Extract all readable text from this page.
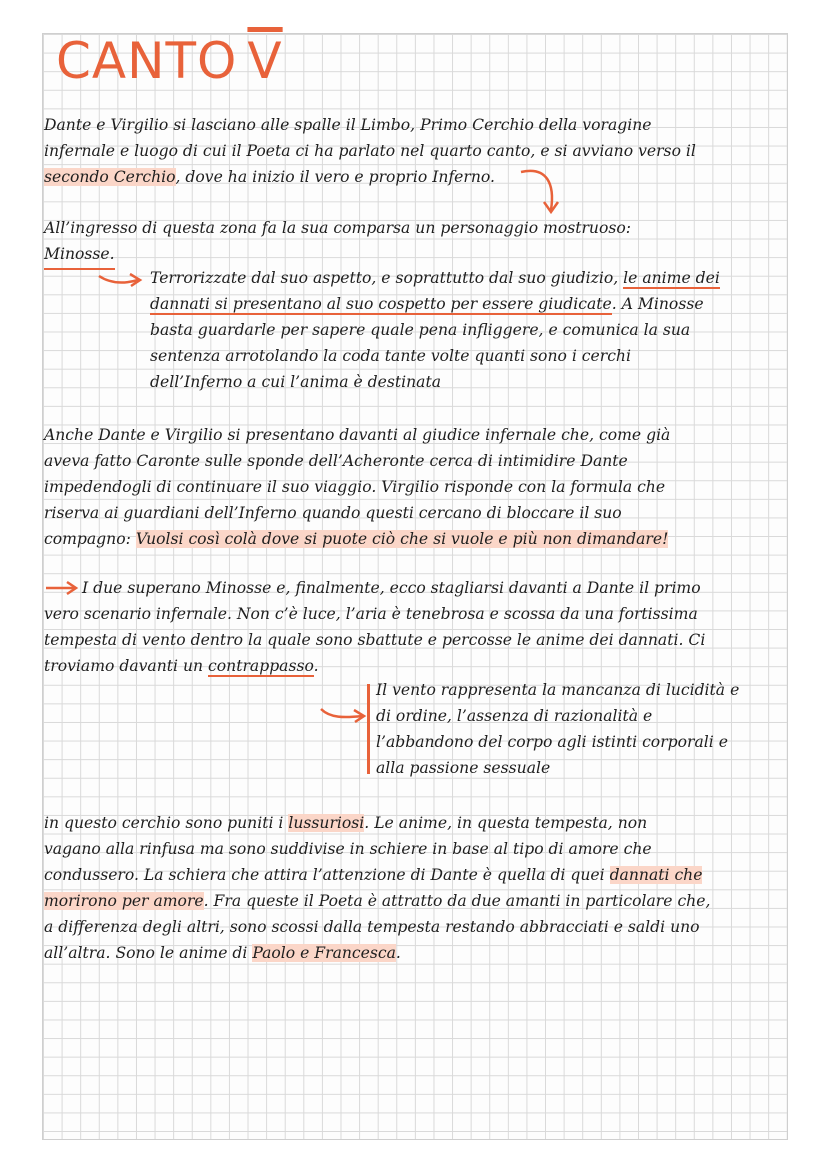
CANTO $\overline{V}$
Dante e Virgilio si lasciano alle spalle il Limbo, Primo Cerchio della voragine
infernale e luogo di cui il Poeta ci ha parlato nel quarto canto, e si avviano verso il
secondo Cerchio, dove ha inizio il vero e proprio Inferno.
All’ingresso di questa zona fa la sua comparsa un personaggio mostruoso:
Minosse.
Terrorizzate dal suo aspetto, e soprattutto dal suo giudizio, le anime dei
dannati si presentano al suo cospetto per essere giudicate. A Minosse
basta guardarle per sapere quale pena infliggere, e comunica la sua
sentenza arrotolando la coda tante volte quanti sono i cerchi
dell’Inferno a cui l’anima è destinata
Anche Dante e Virgilio si presentano davanti al giudice infernale che, come già
aveva fatto Caronte sulle sponde dell’Acheronte cerca di intimidire Dante
impedendogli di continuare il suo viaggio. Virgilio risponde con la formula che
riserva ai guardiani dell’Inferno quando questi cercano di bloccare il suo
compagno: Vuolsi così colà dove si puote ciò che si vuole e più non dimandare!
I due superano Minosse e, finalmente, ecco stagliarsi davanti a Dante il primo
vero scenario infernale. Non c’è luce, l’aria è tenebrosa e scossa da una fortissima
tempesta di vento dentro la quale sono sbattute e percosse le anime dei dannati. Ci
troviamo davanti un contrappasso.
Il vento rappresenta la mancanza di lucidità e
di ordine, l’assenza di razionalità e
l’abbandono del corpo agli istinti corporali e
alla passione sessuale
in questo cerchio sono puniti i lussuriosi. Le anime, in questa tempesta, non
vagano alla rinfusa ma sono suddivise in schiere in base al tipo di amore che
condussero. La schiera che attira l’attenzione di Dante è quella di quei dannati che
morirono per amore. Fra queste il Poeta è attratto da due amanti in particolare che,
a differenza degli altri, sono scossi dalla tempesta restando abbracciati e saldi uno
all’altra. Sono le anime di Paolo e Francesca.
